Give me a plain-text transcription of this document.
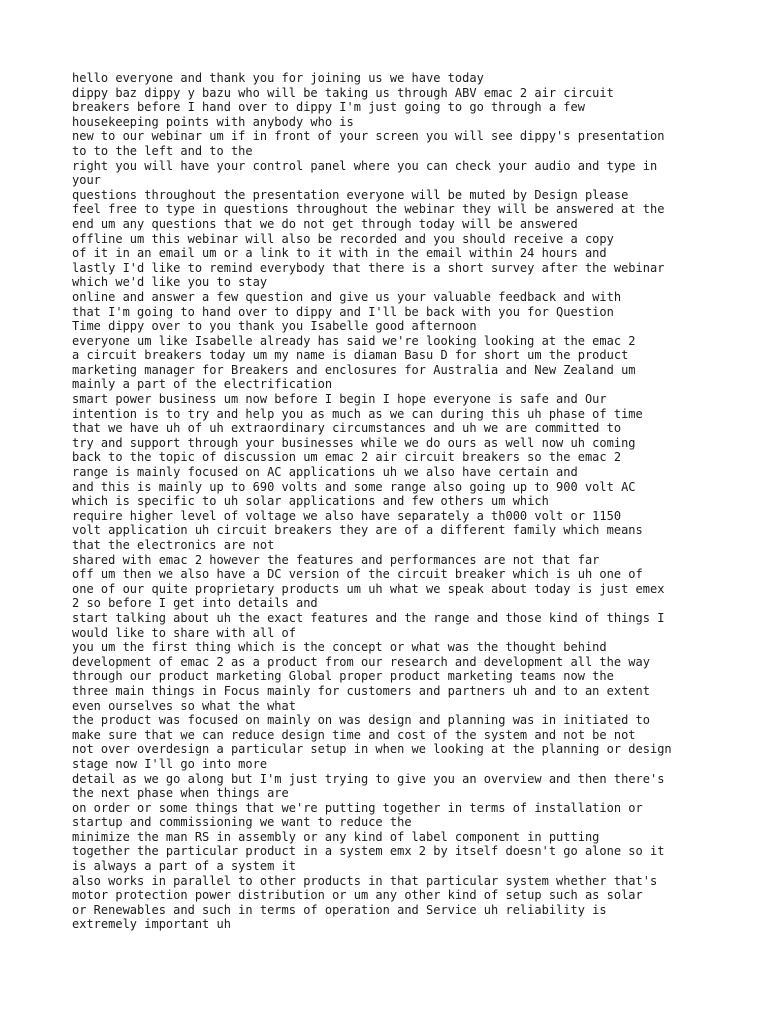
hello everyone and thank you for joining us we have today
dippy baz dippy y bazu who will be taking us through ABV emac 2 air circuit
breakers before I hand over to dippy I'm just going to go through a few
housekeeping points with anybody who is
new to our webinar um if in front of your screen you will see dippy's presentation
to to the left and to the
right you will have your control panel where you can check your audio and type in
your
questions throughout the presentation everyone will be muted by Design please
feel free to type in questions throughout the webinar they will be answered at the
end um any questions that we do not get through today will be answered
offline um this webinar will also be recorded and you should receive a copy
of it in an email um or a link to it with in the email within 24 hours and
lastly I'd like to remind everybody that there is a short survey after the webinar
which we'd like you to stay
online and answer a few question and give us your valuable feedback and with
that I'm going to hand over to dippy and I'll be back with you for Question
Time dippy over to you thank you Isabelle good afternoon
everyone um like Isabelle already has said we're looking looking at the emac 2
a circuit breakers today um my name is diaman Basu D for short um the product
marketing manager for Breakers and enclosures for Australia and New Zealand um
mainly a part of the electrification
smart power business um now before I begin I hope everyone is safe and Our
intention is to try and help you as much as we can during this uh phase of time
that we have uh of uh extraordinary circumstances and uh we are committed to
try and support through your businesses while we do ours as well now uh coming
back to the topic of discussion um emac 2 air circuit breakers so the emac 2
range is mainly focused on AC applications uh we also have certain and
and this is mainly up to 690 volts and some range also going up to 900 volt AC
which is specific to uh solar applications and few others um which
require higher level of voltage we also have separately a th000 volt or 1150
volt application uh circuit breakers they are of a different family which means
that the electronics are not
shared with emac 2 however the features and performances are not that far
off um then we also have a DC version of the circuit breaker which is uh one of
one of our quite proprietary products um uh what we speak about today is just emex
2 so before I get into details and
start talking about uh the exact features and the range and those kind of things I
would like to share with all of
you um the first thing which is the concept or what was the thought behind
development of emac 2 as a product from our research and development all the way
through our product marketing Global proper product marketing teams now the
three main things in Focus mainly for customers and partners uh and to an extent
even ourselves so what the what
the product was focused on mainly on was design and planning was in initiated to
make sure that we can reduce design time and cost of the system and not be not
not over overdesign a particular setup in when we looking at the planning or design
stage now I'll go into more
detail as we go along but I'm just trying to give you an overview and then there's
the next phase when things are
on order or some things that we're putting together in terms of installation or
startup and commissioning we want to reduce the
minimize the man RS in assembly or any kind of label component in putting
together the particular product in a system emx 2 by itself doesn't go alone so it
is always a part of a system it
also works in parallel to other products in that particular system whether that's
motor protection power distribution or um any other kind of setup such as solar
or Renewables and such in terms of operation and Service uh reliability is
extremely important uh
